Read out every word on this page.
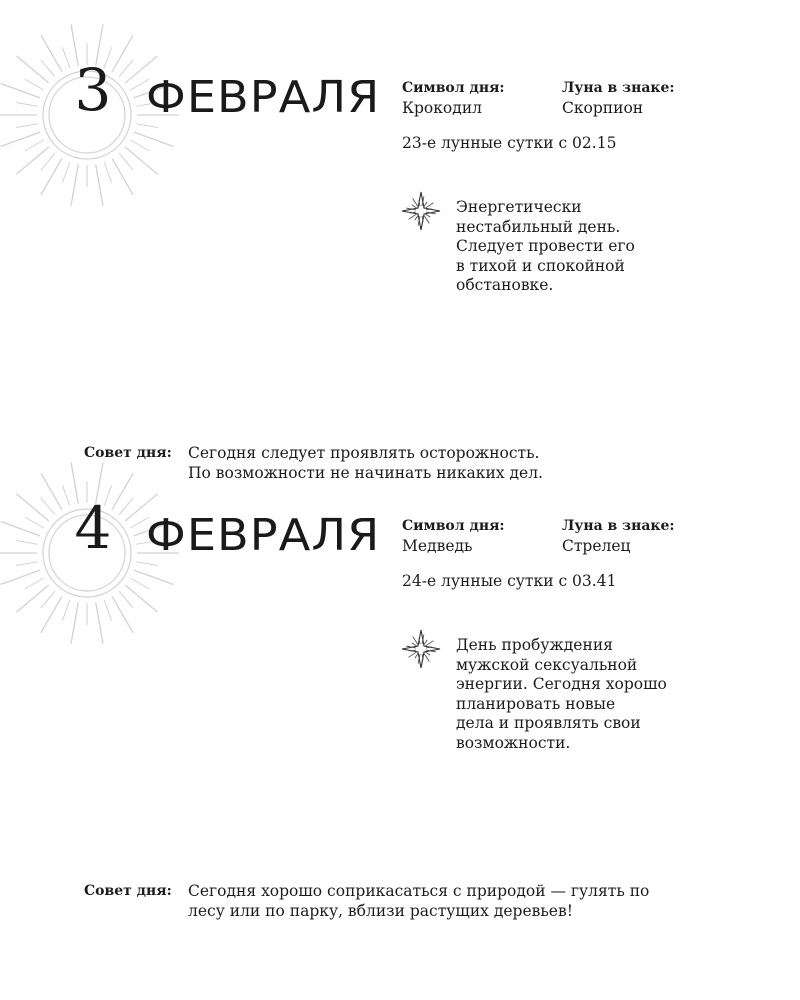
3 ФЕВРАЛЯ	Символ дня:
Крокодил
Луна в знаке:
Скорпион
23-е лунные сутки с 02.15
Энергетически
нестабильный день.
Следует провести его
в тихой и спокойной
обстановке.
Совет дня: Сегодня следует проявлять осторожность.
По возможности не начинать никаких дел.
4 ФЕВРАЛЯ	Символ дня:
Медведь
Луна в знаке:
Стрелец
24-е лунные сутки с 03.41
День пробуждения
мужской сексуальной
энергии. Сегодня хорошо
планировать новые
дела и проявлять свои
возможности.
Совет дня: Сегодня хорошо соприкасаться с природой — гулять по
лесу или по парку, вблизи растущих деревьев!
